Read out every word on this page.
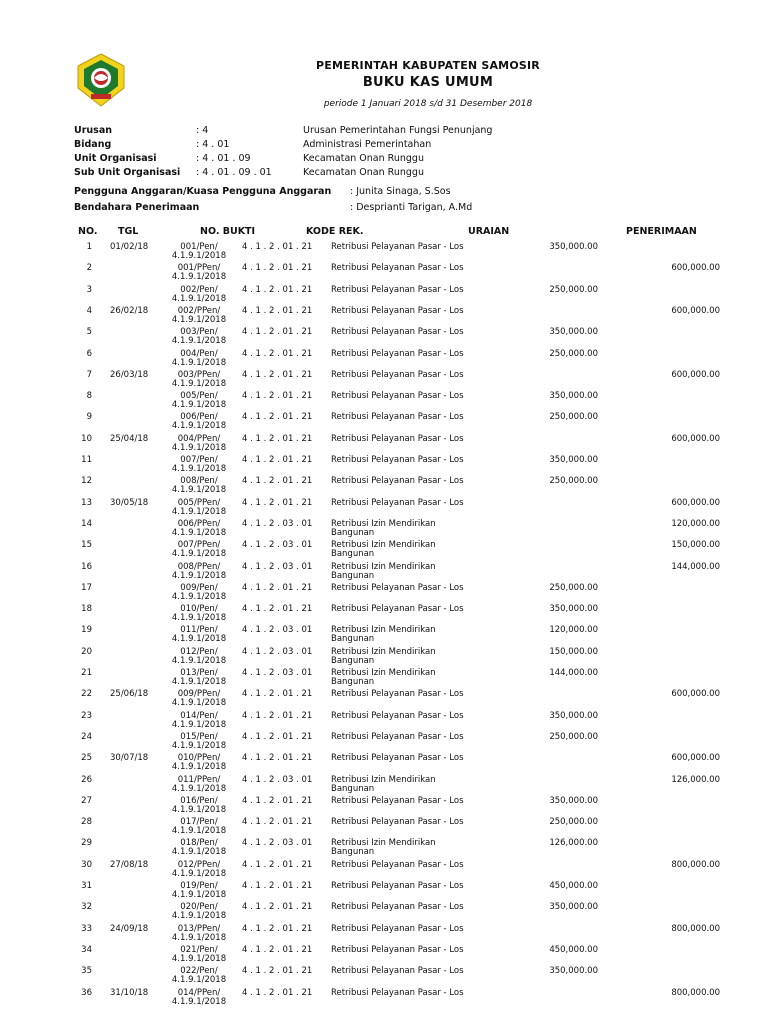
PEMERINTAH KABUPATEN SAMOSIR
BUKU KAS UMUM
periode 1 Januari 2018 s/d 31 Desember 2018
Urusan	: 4	Urusan Pemerintahan Fungsi Penunjang
Bidang	: 4 . 01	Administrasi Pemerintahan
Unit Organisasi	: 4 . 01 . 09	Kecamatan Onan Runggu
Sub Unit Organisasi : 4 . 01 . 09 . 01	Kecamatan Onan Runggu
Pengguna Anggaran/Kuasa Pengguna Anggaran : Junita Sinaga, S.Sos
Bendahara Penerimaan	: Desprianti Tarigan, A.Md
NO. TGL	NO. BUKTI	KODE REK.	URAIAN	PENERIMAAN
1 01/02/18	001/Pen/
4.1.9.1/2018
4 . 1 . 2 . 01 . 21 Retribusi Pelayanan Pasar - Los	350,000.00
2	001/PPen/
4.1.9.1/2018
4 . 1 . 2 . 01 . 21 Retribusi Pelayanan Pasar - Los	600,000.00
3	002/Pen/
4.1.9.1/2018
4 . 1 . 2 . 01 . 21 Retribusi Pelayanan Pasar - Los	250,000.00
4 26/02/18	002/PPen/
4.1.9.1/2018
4 . 1 . 2 . 01 . 21 Retribusi Pelayanan Pasar - Los	600,000.00
5	003/Pen/
4.1.9.1/2018
4 . 1 . 2 . 01 . 21 Retribusi Pelayanan Pasar - Los	350,000.00
6	004/Pen/
4.1.9.1/2018
4 . 1 . 2 . 01 . 21 Retribusi Pelayanan Pasar - Los	250,000.00
7 26/03/18	003/PPen/
4.1.9.1/2018
4 . 1 . 2 . 01 . 21 Retribusi Pelayanan Pasar - Los	600,000.00
8	005/Pen/
4.1.9.1/2018
4 . 1 . 2 . 01 . 21 Retribusi Pelayanan Pasar - Los	350,000.00
9	006/Pen/
4.1.9.1/2018
4 . 1 . 2 . 01 . 21 Retribusi Pelayanan Pasar - Los	250,000.00
10 25/04/18	004/PPen/
4.1.9.1/2018
4 . 1 . 2 . 01 . 21 Retribusi Pelayanan Pasar - Los	600,000.00
11	007/Pen/
4.1.9.1/2018
4 . 1 . 2 . 01 . 21 Retribusi Pelayanan Pasar - Los	350,000.00
12	008/Pen/
4.1.9.1/2018
4 . 1 . 2 . 01 . 21 Retribusi Pelayanan Pasar - Los	250,000.00
13 30/05/18	005/PPen/
4.1.9.1/2018
4 . 1 . 2 . 01 . 21 Retribusi Pelayanan Pasar - Los	600,000.00
14	006/PPen/
4.1.9.1/2018
4 . 1 . 2 . 03 . 01 Retribusi Izin Mendirikan
Bangunan
120,000.00
15	007/PPen/
4.1.9.1/2018
4 . 1 . 2 . 03 . 01 Retribusi Izin Mendirikan
Bangunan
150,000.00
16	008/PPen/
4.1.9.1/2018
4 . 1 . 2 . 03 . 01 Retribusi Izin Mendirikan
Bangunan
144,000.00
17	009/Pen/
4.1.9.1/2018
4 . 1 . 2 . 01 . 21 Retribusi Pelayanan Pasar - Los	250,000.00
18	010/Pen/
4.1.9.1/2018
4 . 1 . 2 . 01 . 21 Retribusi Pelayanan Pasar - Los	350,000.00
19	011/Pen/
4.1.9.1/2018
4 . 1 . 2 . 03 . 01 Retribusi Izin Mendirikan
Bangunan
120,000.00
20	012/Pen/
4.1.9.1/2018
4 . 1 . 2 . 03 . 01 Retribusi Izin Mendirikan
Bangunan
150,000.00
21	013/Pen/
4.1.9.1/2018
4 . 1 . 2 . 03 . 01 Retribusi Izin Mendirikan
Bangunan
144,000.00
22 25/06/18	009/PPen/
4.1.9.1/2018
4 . 1 . 2 . 01 . 21 Retribusi Pelayanan Pasar - Los	600,000.00
23	014/Pen/
4.1.9.1/2018
4 . 1 . 2 . 01 . 21 Retribusi Pelayanan Pasar - Los	350,000.00
24	015/Pen/
4.1.9.1/2018
4 . 1 . 2 . 01 . 21 Retribusi Pelayanan Pasar - Los	250,000.00
25 30/07/18	010/PPen/
4.1.9.1/2018
4 . 1 . 2 . 01 . 21 Retribusi Pelayanan Pasar - Los	600,000.00
26	011/PPen/
4.1.9.1/2018
4 . 1 . 2 . 03 . 01 Retribusi Izin Mendirikan
Bangunan
126,000.00
27	016/Pen/
4.1.9.1/2018
4 . 1 . 2 . 01 . 21 Retribusi Pelayanan Pasar - Los	350,000.00
28	017/Pen/
4.1.9.1/2018
4 . 1 . 2 . 01 . 21 Retribusi Pelayanan Pasar - Los	250,000.00
29	018/Pen/
4.1.9.1/2018
4 . 1 . 2 . 03 . 01 Retribusi Izin Mendirikan
Bangunan
126,000.00
30 27/08/18	012/PPen/
4.1.9.1/2018
4 . 1 . 2 . 01 . 21 Retribusi Pelayanan Pasar - Los	800,000.00
31	019/Pen/
4.1.9.1/2018
4 . 1 . 2 . 01 . 21 Retribusi Pelayanan Pasar - Los	450,000.00
32	020/Pen/
4.1.9.1/2018
4 . 1 . 2 . 01 . 21 Retribusi Pelayanan Pasar - Los	350,000.00
33 24/09/18	013/PPen/
4.1.9.1/2018
4 . 1 . 2 . 01 . 21 Retribusi Pelayanan Pasar - Los	800,000.00
34	021/Pen/
4.1.9.1/2018
4 . 1 . 2 . 01 . 21 Retribusi Pelayanan Pasar - Los	450,000.00
35	022/Pen/
4.1.9.1/2018
4 . 1 . 2 . 01 . 21 Retribusi Pelayanan Pasar - Los	350,000.00
36 31/10/18	014/PPen/
4.1.9.1/2018
4 . 1 . 2 . 01 . 21 Retribusi Pelayanan Pasar - Los	800,000.00
